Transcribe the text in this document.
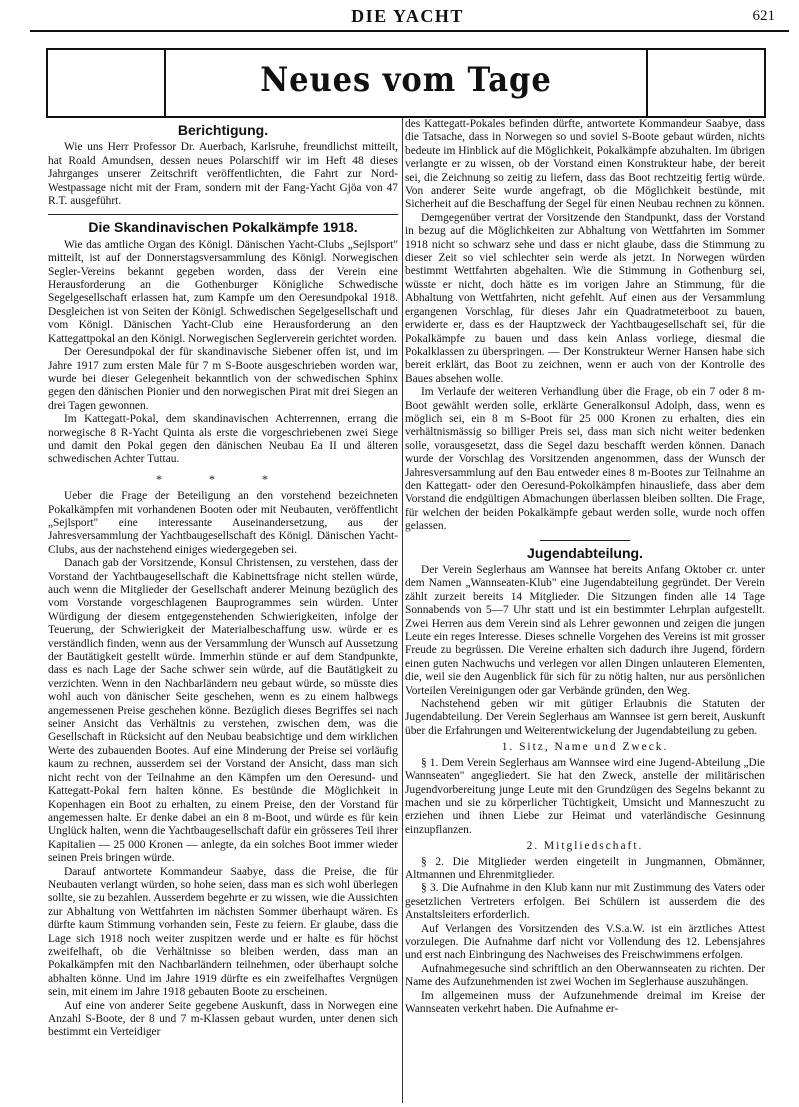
DIE YACHT	621
Neues vom Tage
Berichtigung.

Wie uns Herr Professor Dr. Auerbach, Karlsruhe, freundlichst mitteilt, hat Roald Amundsen, dessen neues Polarschiff wir im Heft 48 dieses Jahrganges unserer Zeitschrift veröffentlichten, die Fahrt zur Nord-Westpassage nicht mit der Fram, sondern mit der Fang-Yacht Gjöa von 47 R.T. ausgeführt.

Die Skandinavischen Pokalkämpfe 1918.

Wie das amtliche Organ des Königl. Dänischen Yacht-Clubs „Sejlsport" mitteilt, ist auf der Donnerstagsversammlung des Königl. Norwegischen Segler-Vereins bekannt gegeben worden, dass der Verein eine Herausforderung an die Gothenburger Königliche Schwedische Segelgesellschaft erlassen hat, zum Kampfe um den Oeresundpokal 1918. Desgleichen ist von Seiten der Königl. Schwedischen Segelgesellschaft und vom Königl. Dänischen Yacht-Club eine Herausforderung an den Kattegattpokal an den Königl. Norwegischen Seglerverein gerichtet worden.

Der Oeresundpokal der für skandinavische Siebener offen ist, und im Jahre 1917 zum ersten Male für 7 m S-Boote ausgeschrieben worden war, wurde bei dieser Gelegenheit bekanntlich von der schwedischen Sphinx gegen den dänischen Pionier und den norwegischen Pirat mit drei Siegen an drei Tagen gewonnen.

Im Kattegatt-Pokal, dem skandinavischen Achterrennen, errang die norwegische 8 R-Yacht Quinta als erste die vorgeschriebenen zwei Siege und damit den Pokal gegen den dänischen Neubau Ea II und älteren schwedischen Achter Tuttau.

* * *

Ueber die Frage der Beteiligung an den vorstehend bezeichneten Pokalkämpfen mit vorhandenen Booten oder mit Neubauten, veröffentlicht „Sejlsport" eine interessante Auseinandersetzung, aus der Jahresversammlung der Yachtbaugesellschaft des Königl. Dänischen Yacht-Clubs, aus der nachstehend einiges wiedergegeben sei.

Danach gab der Vorsitzende, Konsul Christensen, zu verstehen, dass der Vorstand der Yachtbaugesellschaft die Kabinettsfrage nicht stellen würde, auch wenn die Mitglieder der Gesellschaft anderer Meinung bezüglich des vom Vorstande vorgeschlagenen Bauprogrammes sein würden. Unter Würdigung der diesem entgegenstehenden Schwierigkeiten, infolge der Teuerung, der Schwierigkeit der Materialbeschaffung usw. würde er es verständlich finden, wenn aus der Versammlung der Wunsch auf Aussetzung der Bautätigkeit gestellt würde. Immerhin stünde er auf dem Standpunkte, dass es nach Lage der Sache schwer sein würde, auf die Bautätigkeit zu verzichten. Wenn in den Nachbarländern neu gebaut würde, so müsste dies wohl auch von dänischer Seite geschehen, wenn es zu einem halbwegs angemessenen Preise geschehen könne. Bezüglich dieses Begriffes sei nach seiner Ansicht das Verhältnis zu verstehen, zwischen dem, was die Gesellschaft in Rücksicht auf den Neubau beabsichtige und dem wirklichen Werte des zubauenden Bootes. Auf eine Minderung der Preise sei vorläufig kaum zu rechnen, ausserdem sei der Vorstand der Ansicht, dass man sich nicht recht von der Teilnahme an den Kämpfen um den Oeresund- und Kattegatt-Pokal fern halten könne. Es bestünde die Möglichkeit in Kopenhagen ein Boot zu erhalten, zu einem Preise, den der Vorstand für angemessen halte. Er denke dabei an ein 8 m-Boot, und würde es für kein Unglück halten, wenn die Yachtbaugesellschaft dafür ein grösseres Teil ihrer Kapitalien — 25 000 Kronen — anlegte, da ein solches Boot immer wieder seinen Preis bringen würde.

Darauf antwortete Kommandeur Saabye, dass die Preise, die für Neubauten verlangt würden, so hohe seien, dass man es sich wohl überlegen sollte, sie zu bezahlen. Ausserdem begehrte er zu wissen, wie die Aussichten zur Abhaltung von Wettfahrten im nächsten Sommer überhaupt wären. Es dürfte kaum Stimmung vorhanden sein, Feste zu feiern. Er glaube, dass die Lage sich 1918 noch weiter zuspitzen werde und er halte es für höchst zweifelhaft, ob die Verhältnisse so bleiben werden, dass man an Pokalkämpfen mit den Nachbarländern teilnehmen, oder überhaupt solche abhalten könne. Und im Jahre 1919 dürfte es ein zweifelhaftes Vergnügen sein, mit einem im Jahre 1918 gebauten Boote zu erscheinen.

Auf eine von anderer Seite gegebene Auskunft, dass in Norwegen eine Anzahl S-Boote, der 8 und 7 m-Klassen gebaut wurden, unter denen sich bestimmt ein Verteidiger

des Kattegatt-Pokales befinden dürfte, antwortete Kommandeur Saabye, dass die Tatsache, dass in Norwegen so und soviel S-Boote gebaut würden, nichts bedeute im Hinblick auf die Möglichkeit, Pokalkämpfe abzuhalten. Im übrigen verlangte er zu wissen, ob der Vorstand einen Konstrukteur habe, der bereit sei, die Zeichnung so zeitig zu liefern, dass das Boot rechtzeitig fertig würde. Von anderer Seite wurde angefragt, ob die Möglichkeit bestünde, mit Sicherheit auf die Beschaffung der Segel für einen Neubau rechnen zu können.

Demgegenüber vertrat der Vorsitzende den Standpunkt, dass der Vorstand in bezug auf die Möglichkeiten zur Abhaltung von Wettfahrten im Sommer 1918 nicht so schwarz sehe und dass er nicht glaube, dass die Stimmung zu dieser Zeit so viel schlechter sein werde als jetzt. In Norwegen würden bestimmt Wettfahrten abgehalten. Wie die Stimmung in Gothenburg sei, wüsste er nicht, doch hätte es im vorigen Jahre an Stimmung, für die Abhaltung von Wettfahrten, nicht gefehlt. Auf einen aus der Versammlung ergangenen Vorschlag, für dieses Jahr ein Quadratmeterboot zu bauen, erwiderte er, dass es der Hauptzweck der Yachtbaugesellschaft sei, für die Pokalkämpfe zu bauen und dass kein Anlass vorliege, diesmal die Pokalklassen zu überspringen. — Der Konstrukteur Werner Hansen habe sich bereit erklärt, das Boot zu zeichnen, wenn er auch von der Kontrolle des Baues absehen wolle.

Im Verlaufe der weiteren Verhandlung über die Frage, ob ein 7 oder 8 m-Boot gewählt werden solle, erklärte Generalkonsul Adolph, dass, wenn es möglich sei, ein 8 m S-Boot für 25 000 Kronen zu erhalten, dies ein verhältnismässig so billiger Preis sei, dass man sich nicht weiter bedenken solle, vorausgesetzt, dass die Segel dazu beschafft werden können. Danach wurde der Vorschlag des Vorsitzenden angenommen, dass der Wunsch der Jahresversammlung auf den Bau entweder eines 8 m-Bootes zur Teilnahme an den Kattegatt- oder den Oeresund-Pokolkämpfen hinausliefe, dass aber dem Vorstand die endgültigen Abmachungen überlassen bleiben sollten. Die Frage, für welchen der beiden Pokalkämpfe gebaut werden solle, wurde noch offen gelassen.

Jugendabteilung.

Der Verein Seglerhaus am Wannsee hat bereits Anfang Oktober cr. unter dem Namen „Wannseaten-Klub" eine Jugendabteilung gegründet. Der Verein zählt zurzeit bereits 14 Mitglieder. Die Sitzungen finden alle 14 Tage Sonnabends von 5—7 Uhr statt und ist ein bestimmter Lehrplan aufgestellt. Zwei Herren aus dem Verein sind als Lehrer gewonnen und zeigen die jungen Leute ein reges Interesse. Dieses schnelle Vorgehen des Vereins ist mit grosser Freude zu begrüssen. Die Vereine erhalten sich dadurch ihre Jugend, fördern einen guten Nachwuchs und verlegen vor allen Dingen unlauteren Elementen, die, weil sie den Augenblick für sich für zu nötig halten, nur aus persönlichen Vorteilen Vereinigungen oder gar Verbände gründen, den Weg.

Nachstehend geben wir mit gütiger Erlaubnis die Statuten der Jugendabteilung. Der Verein Seglerhaus am Wannsee ist gern bereit, Auskunft über die Erfahrungen und Weiterentwickelung der Jugendabteilung zu geben.

1. Sitz, Name und Zweck.

§ 1. Dem Verein Seglerhaus am Wannsee wird eine Jugend-Abteilung „Die Wannseaten" angegliedert. Sie hat den Zweck, anstelle der militärischen Jugendvorbereitung junge Leute mit den Grundzügen des Segelns bekannt zu machen und sie zu körperlicher Tüchtigkeit, Umsicht und Manneszucht zu erziehen und ihnen Liebe zur Heimat und vaterländische Gesinnung einzupflanzen.

2. Mitgliedschaft.

§ 2. Die Mitglieder werden eingeteilt in Jungmannen, Obmänner, Altmannen und Ehrenmitglieder.

§ 3. Die Aufnahme in den Klub kann nur mit Zustimmung des Vaters oder gesetzlichen Vertreters erfolgen. Bei Schülern ist ausserdem die des Anstaltsleiters erforderlich.

Auf Verlangen des Vorsitzenden des V.S.a.W. ist ein ärztliches Attest vorzulegen. Die Aufnahme darf nicht vor Vollendung des 12. Lebensjahres und erst nach Einbringung des Nachweises des Freischwimmens erfolgen.

Aufnahmegesuche sind schriftlich an den Oberwannseaten zu richten. Der Name des Aufzunehmenden ist zwei Wochen im Seglerhause auszuhängen.

Im allgemeinen muss der Aufzunehmende dreimal im Kreise der Wannseaten verkehrt haben. Die Aufnahme er-
